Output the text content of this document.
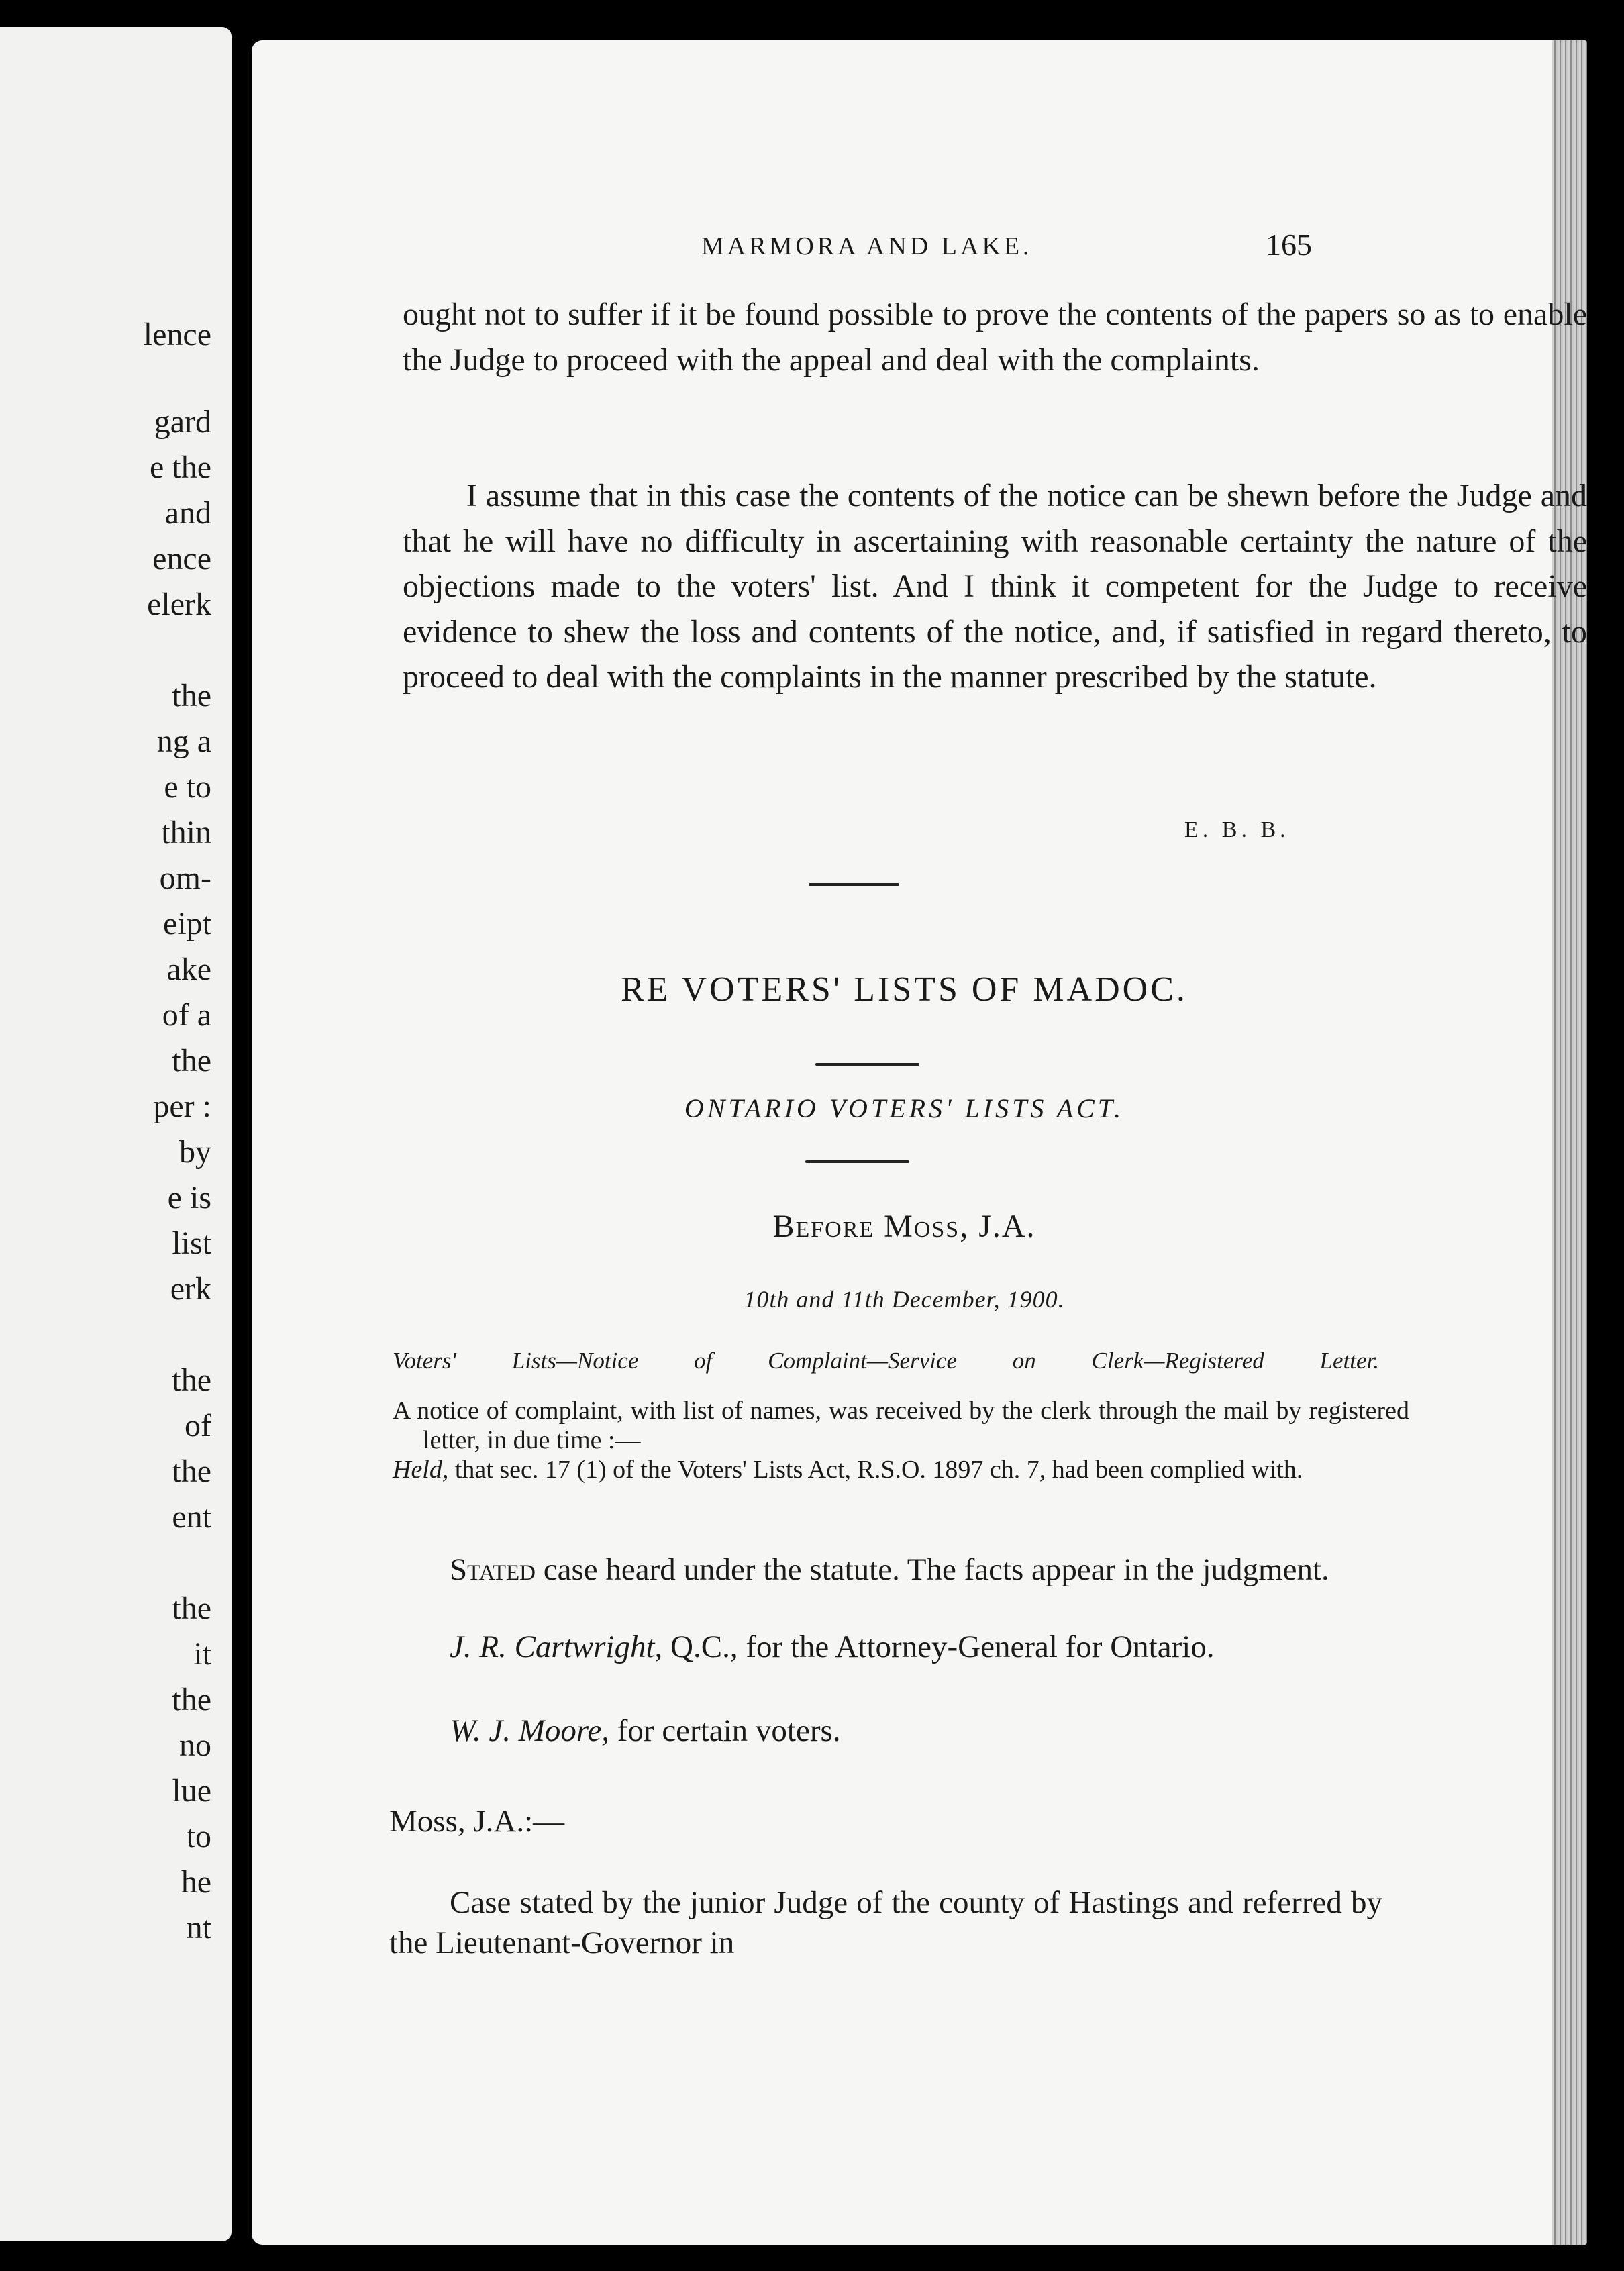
lence
gard
e the
and
ence
elerk
the
ng a
e to
thin
om-
eipt
ake
of a
the
per :
by
e is
list
erk
the
of
the
ent
the
it
the
no
lue
to
he
nt
MARMORA AND LAKE.	165

ought not to suffer if it be found possible to prove the contents of the papers so as to enable the Judge to proceed with the appeal and deal with the complaints.

I assume that in this case the contents of the notice can be shewn before the Judge and that he will have no difficulty in ascertaining with reasonable certainty the nature of the objections made to the voters' list. And I think it competent for the Judge to receive evidence to shew the loss and contents of the notice, and, if satisfied in regard thereto, to proceed to deal with the complaints in the manner prescribed by the statute.

E. B. B.
RE VOTERS' LISTS OF MADOC.
ONTARIO VOTERS' LISTS ACT.
Before Moss, J.A.
10th and 11th December, 1900.
Voters' Lists—Notice of Complaint—Service on Clerk—Registered Letter.

A notice of complaint, with list of names, was received by the clerk through the mail by registered letter, in due time :—

Held, that sec. 17 (1) of the Voters' Lists Act, R.S.O. 1897 ch. 7, had been complied with.

Stated case heard under the statute. The facts appear in the judgment.

J. R. Cartwright, Q.C., for the Attorney-General for Ontario.

W. J. Moore, for certain voters.

Moss, J.A.:—

Case stated by the junior Judge of the county of Hastings and referred by the Lieutenant-Governor in
